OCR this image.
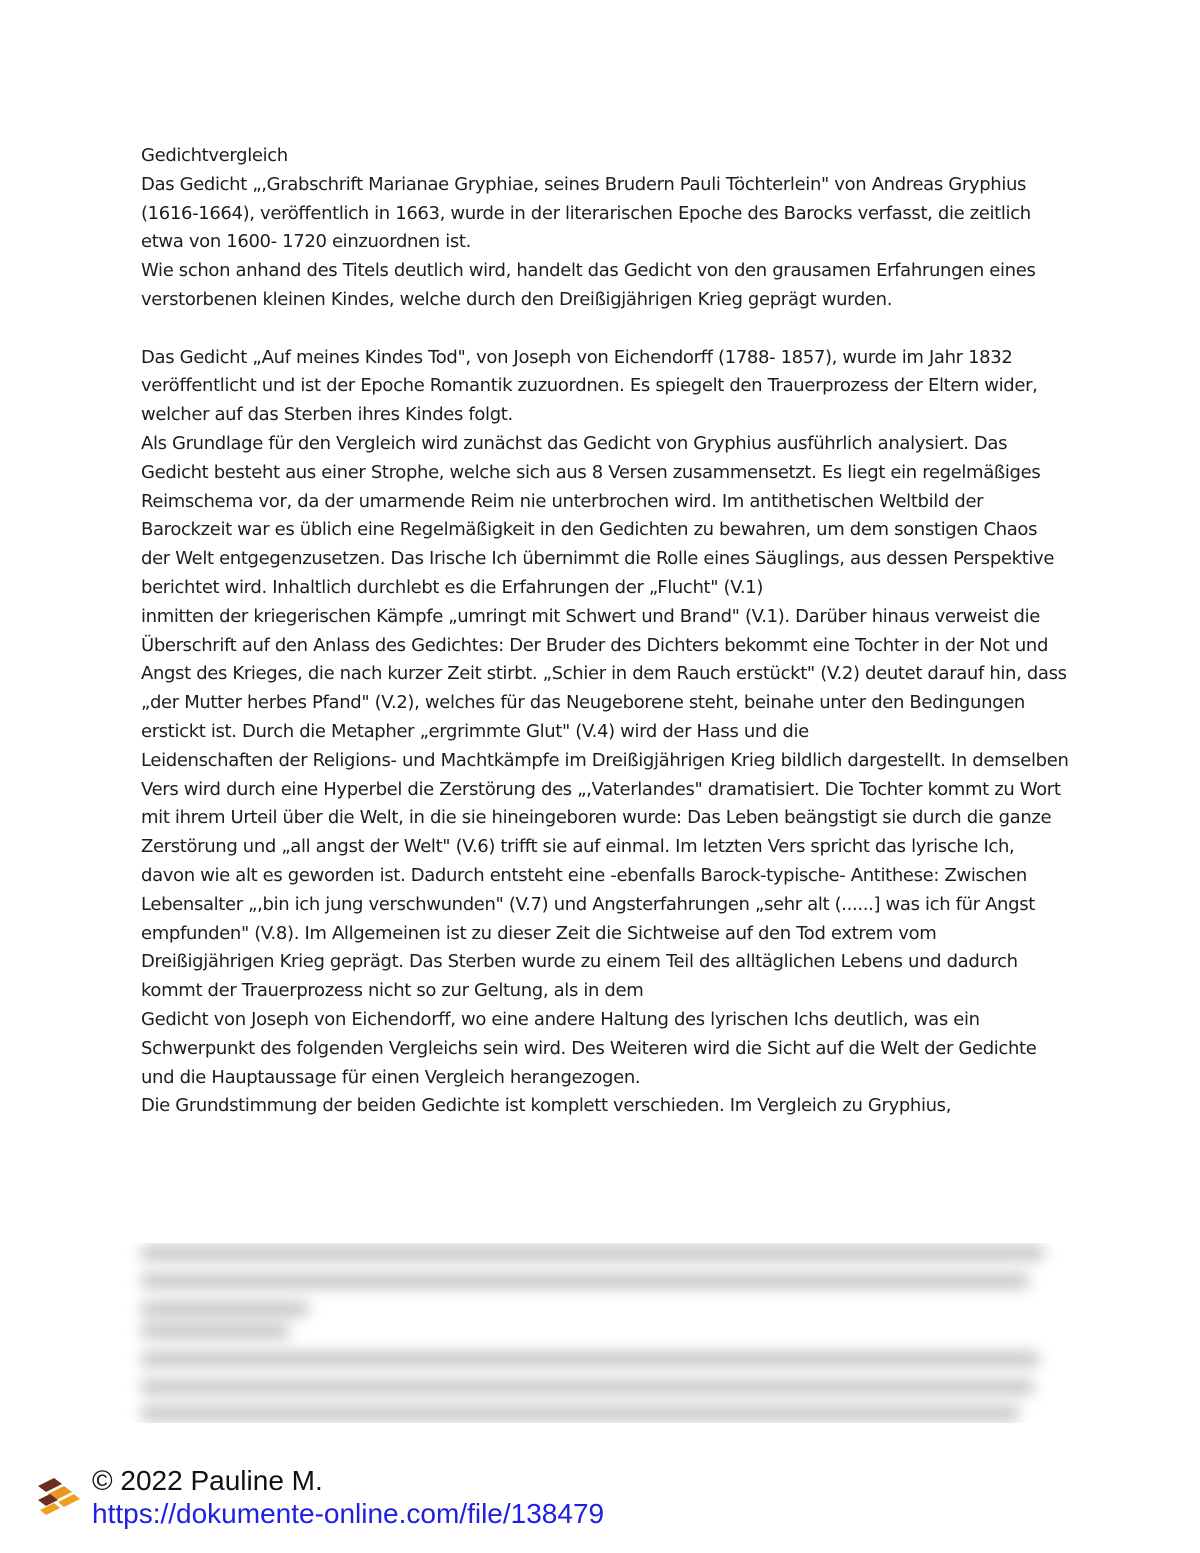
Gedichtvergleich

Das Gedicht „,Grabschrift Marianae Gryphiae, seines Brudern Pauli Töchterlein" von Andreas Gryphius (1616-1664), veröffentlich in 1663, wurde in der literarischen Epoche des Barocks verfasst, die zeitlich etwa von 1600- 1720 einzuordnen ist.

Wie schon anhand des Titels deutlich wird, handelt das Gedicht von den grausamen Erfahrungen eines verstorbenen kleinen Kindes, welche durch den Dreißigjährigen Krieg geprägt wurden.

Das Gedicht „Auf meines Kindes Tod", von Joseph von Eichendorff (1788- 1857), wurde im Jahr 1832 veröffentlicht und ist der Epoche Romantik zuzuordnen. Es spiegelt den Trauerprozess der Eltern wider, welcher auf das Sterben ihres Kindes folgt.

Als Grundlage für den Vergleich wird zunächst das Gedicht von Gryphius ausführlich analysiert. Das Gedicht besteht aus einer Strophe, welche sich aus 8 Versen zusammensetzt. Es liegt ein regelmäßiges Reimschema vor, da der umarmende Reim nie unterbrochen wird. Im antithetischen Weltbild der Barockzeit war es üblich eine Regelmäßigkeit in den Gedichten zu bewahren, um dem sonstigen Chaos der Welt entgegenzusetzen. Das Irische Ich übernimmt die Rolle eines Säuglings, aus dessen Perspektive berichtet wird. Inhaltlich durchlebt es die Erfahrungen der „Flucht" (V.1)

inmitten der kriegerischen Kämpfe „umringt mit Schwert und Brand" (V.1). Darüber hinaus verweist die Überschrift auf den Anlass des Gedichtes: Der Bruder des Dichters bekommt eine Tochter in der Not und Angst des Krieges, die nach kurzer Zeit stirbt. „Schier in dem Rauch erstückt" (V.2) deutet darauf hin, dass „der Mutter herbes Pfand" (V.2), welches für das Neugeborene steht, beinahe unter den Bedingungen erstickt ist. Durch die Metapher „ergrimmte Glut" (V.4) wird der Hass und die

Leidenschaften der Religions- und Machtkämpfe im Dreißigjährigen Krieg bildlich dargestellt. In demselben Vers wird durch eine Hyperbel die Zerstörung des „,Vaterlandes" dramatisiert. Die Tochter kommt zu Wort mit ihrem Urteil über die Welt, in die sie hineingeboren wurde: Das Leben beängstigt sie durch die ganze Zerstörung und „all angst der Welt" (V.6) trifft sie auf einmal. Im letzten Vers spricht das lyrische Ich, davon wie alt es geworden ist. Dadurch entsteht eine -ebenfalls Barock-typische- Antithese: Zwischen Lebensalter „,bin ich jung verschwunden" (V.7) und Angsterfahrungen „sehr alt (......] was ich für Angst empfunden" (V.8). Im Allgemeinen ist zu dieser Zeit die Sichtweise auf den Tod extrem vom Dreißigjährigen Krieg geprägt. Das Sterben wurde zu einem Teil des alltäglichen Lebens und dadurch kommt der Trauerprozess nicht so zur Geltung, als in dem

Gedicht von Joseph von Eichendorff, wo eine andere Haltung des lyrischen Ichs deutlich, was ein Schwerpunkt des folgenden Vergleichs sein wird. Des Weiteren wird die Sicht auf die Welt der Gedichte und die Hauptaussage für einen Vergleich herangezogen.

Die Grundstimmung der beiden Gedichte ist komplett verschieden. Im Vergleich zu Gryphius,

© 2022 Pauline M.
https://dokumente-online.com/file/138479
